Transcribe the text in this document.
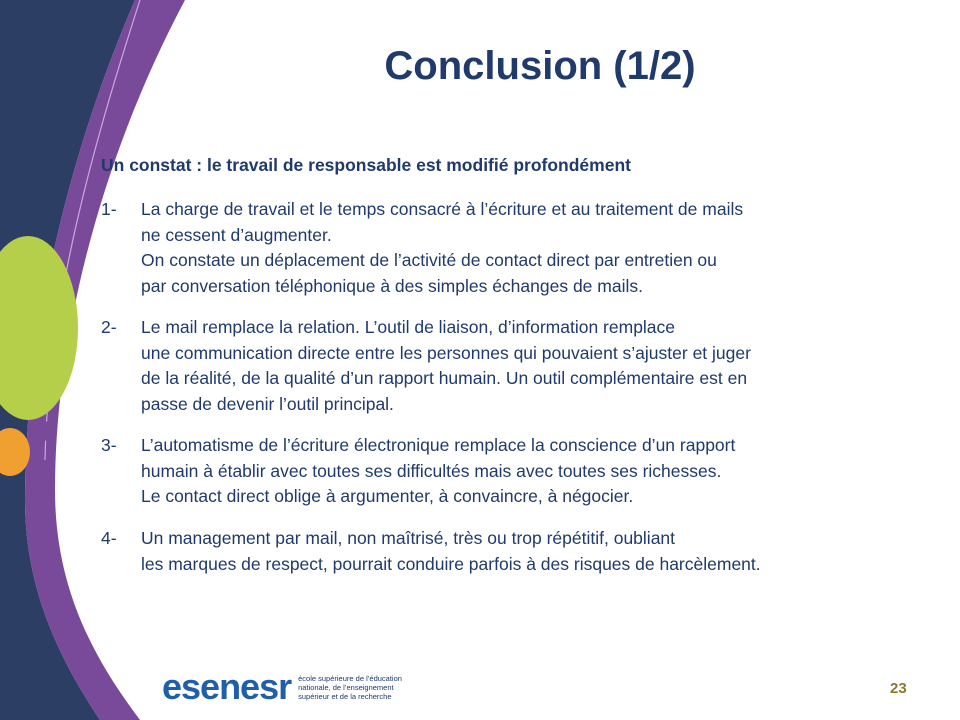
Conclusion (1/2)
Un constat : le travail de responsable est modifié profondément
1- La charge de travail et le temps consacré à l’écriture et au traitement de mails
ne cessent d’augmenter.
On constate un déplacement de l’activité de contact direct par entretien ou
par conversation téléphonique à des simples échanges de mails.
2- Le mail remplace la relation. L’outil de liaison, d’information remplace
une communication directe entre les personnes qui pouvaient s’ajuster et juger
de la réalité, de la qualité d’un rapport humain. Un outil complémentaire est en
passe de devenir l’outil principal.
3- L’automatisme de l’écriture électronique remplace la conscience d’un rapport
humain à établir avec toutes ses difficultés mais avec toutes ses richesses.
Le contact direct oblige à argumenter, à convaincre, à négocier.
4- Un management par mail, non maîtrisé, très ou trop répétitif, oubliant
les marques de respect, pourrait conduire parfois à des risques de harcèlement.
esenesr école supérieure de l’éducation
nationale, de l’enseignement
supérieur et de la recherche	23
